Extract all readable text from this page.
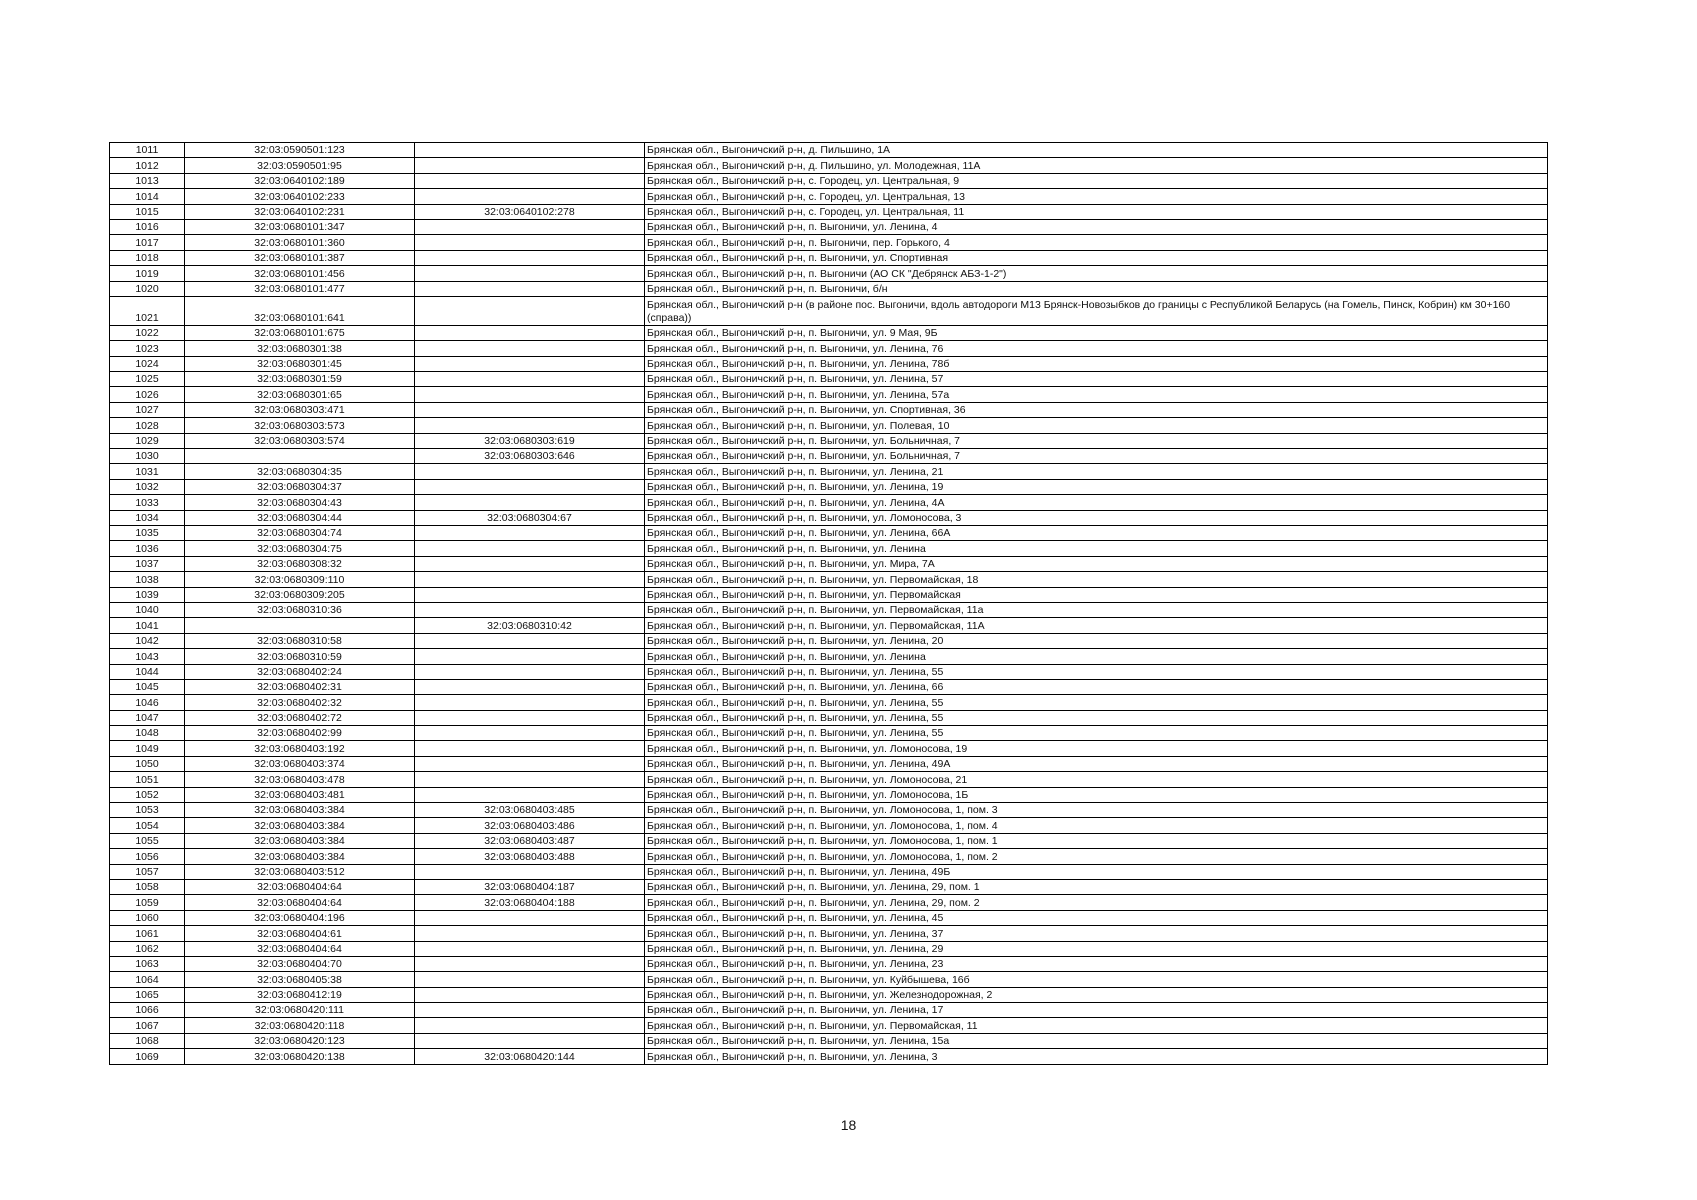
1011	32:03:0590501:123		Брянская обл., Выгоничский р-н, д. Пильшино, 1А
1012	32:03:0590501:95		Брянская обл., Выгоничский р-н, д. Пильшино, ул. Молодежная, 11А
1013	32:03:0640102:189		Брянская обл., Выгоничский р-н, с. Городец, ул. Центральная, 9
1014	32:03:0640102:233		Брянская обл., Выгоничский р-н, с. Городец, ул. Центральная, 13
1015	32:03:0640102:231	32:03:0640102:278	Брянская обл., Выгоничский р-н, с. Городец, ул. Центральная, 11
1016	32:03:0680101:347		Брянская обл., Выгоничский р-н, п. Выгоничи, ул. Ленина, 4
1017	32:03:0680101:360		Брянская обл., Выгоничский р-н, п. Выгоничи, пер. Горького, 4
1018	32:03:0680101:387		Брянская обл., Выгоничский р-н, п. Выгоничи, ул. Спортивная
1019	32:03:0680101:456		Брянская обл., Выгоничский р-н, п. Выгоничи (АО СК "Дебрянск АБЗ-1-2")
1020	32:03:0680101:477		Брянская обл., Выгоничский р-н, п. Выгоничи, б/н
1021	32:03:0680101:641		Брянская обл., Выгоничский р-н (в районе пос. Выгоничи, вдоль автодороги М13 Брянск-Новозыбков до границы с Республикой Беларусь (на Гомель, Пинск, Кобрин) км 30+160 (справа))
1022	32:03:0680101:675		Брянская обл., Выгоничский р-н, п. Выгоничи, ул. 9 Мая, 9Б
1023	32:03:0680301:38		Брянская обл., Выгоничский р-н, п. Выгоничи, ул. Ленина, 76
1024	32:03:0680301:45		Брянская обл., Выгоничский р-н, п. Выгоничи, ул. Ленина, 78б
1025	32:03:0680301:59		Брянская обл., Выгоничский р-н, п. Выгоничи, ул. Ленина, 57
1026	32:03:0680301:65		Брянская обл., Выгоничский р-н, п. Выгоничи, ул. Ленина, 57а
1027	32:03:0680303:471		Брянская обл., Выгоничский р-н, п. Выгоничи, ул. Спортивная, 36
1028	32:03:0680303:573		Брянская обл., Выгоничский р-н, п. Выгоничи, ул. Полевая, 10
1029	32:03:0680303:574	32:03:0680303:619	Брянская обл., Выгоничский р-н, п. Выгоничи, ул. Больничная, 7
1030		32:03:0680303:646	Брянская обл., Выгоничский р-н, п. Выгоничи, ул. Больничная, 7
1031	32:03:0680304:35		Брянская обл., Выгоничский р-н, п. Выгоничи, ул. Ленина, 21
1032	32:03:0680304:37		Брянская обл., Выгоничский р-н, п. Выгоничи, ул. Ленина, 19
1033	32:03:0680304:43		Брянская обл., Выгоничский р-н, п. Выгоничи, ул. Ленина, 4А
1034	32:03:0680304:44	32:03:0680304:67	Брянская обл., Выгоничский р-н, п. Выгоничи, ул. Ломоносова, 3
1035	32:03:0680304:74		Брянская обл., Выгоничский р-н, п. Выгоничи, ул. Ленина, 66А
1036	32:03:0680304:75		Брянская обл., Выгоничский р-н, п. Выгоничи, ул. Ленина
1037	32:03:0680308:32		Брянская обл., Выгоничский р-н, п. Выгоничи, ул. Мира, 7А
1038	32:03:0680309:110		Брянская обл., Выгоничский р-н, п. Выгоничи, ул. Первомайская, 18
1039	32:03:0680309:205		Брянская обл., Выгоничский р-н, п. Выгоничи, ул. Первомайская
1040	32:03:0680310:36		Брянская обл., Выгоничский р-н, п. Выгоничи, ул. Первомайская, 11а
1041		32:03:0680310:42	Брянская обл., Выгоничский р-н, п. Выгоничи, ул. Первомайская, 11А
1042	32:03:0680310:58		Брянская обл., Выгоничский р-н, п. Выгоничи, ул. Ленина, 20
1043	32:03:0680310:59		Брянская обл., Выгоничский р-н, п. Выгоничи, ул. Ленина
1044	32:03:0680402:24		Брянская обл., Выгоничский р-н, п. Выгоничи, ул. Ленина, 55
1045	32:03:0680402:31		Брянская обл., Выгоничский р-н, п. Выгоничи, ул. Ленина, 66
1046	32:03:0680402:32		Брянская обл., Выгоничский р-н, п. Выгоничи, ул. Ленина, 55
1047	32:03:0680402:72		Брянская обл., Выгоничский р-н, п. Выгоничи, ул. Ленина, 55
1048	32:03:0680402:99		Брянская обл., Выгоничский р-н, п. Выгоничи, ул. Ленина, 55
1049	32:03:0680403:192		Брянская обл., Выгоничский р-н, п. Выгоничи, ул. Ломоносова, 19
1050	32:03:0680403:374		Брянская обл., Выгоничский р-н, п. Выгоничи, ул. Ленина, 49А
1051	32:03:0680403:478		Брянская обл., Выгоничский р-н, п. Выгоничи, ул. Ломоносова, 21
1052	32:03:0680403:481		Брянская обл., Выгоничский р-н, п. Выгоничи, ул. Ломоносова, 1Б
1053	32:03:0680403:384	32:03:0680403:485	Брянская обл., Выгоничский р-н, п. Выгоничи, ул. Ломоносова, 1, пом. 3
1054	32:03:0680403:384	32:03:0680403:486	Брянская обл., Выгоничский р-н, п. Выгоничи, ул. Ломоносова, 1, пом. 4
1055	32:03:0680403:384	32:03:0680403:487	Брянская обл., Выгоничский р-н, п. Выгоничи, ул. Ломоносова, 1, пом. 1
1056	32:03:0680403:384	32:03:0680403:488	Брянская обл., Выгоничский р-н, п. Выгоничи, ул. Ломоносова, 1, пом. 2
1057	32:03:0680403:512		Брянская обл., Выгоничский р-н, п. Выгоничи, ул. Ленина, 49Б
1058	32:03:0680404:64	32:03:0680404:187	Брянская обл., Выгоничский р-н, п. Выгоничи, ул. Ленина, 29, пом. 1
1059	32:03:0680404:64	32:03:0680404:188	Брянская обл., Выгоничский р-н, п. Выгоничи, ул. Ленина, 29, пом. 2
1060	32:03:0680404:196		Брянская обл., Выгоничский р-н, п. Выгоничи, ул. Ленина, 45
1061	32:03:0680404:61		Брянская обл., Выгоничский р-н, п. Выгоничи, ул. Ленина, 37
1062	32:03:0680404:64		Брянская обл., Выгоничский р-н, п. Выгоничи, ул. Ленина, 29
1063	32:03:0680404:70		Брянская обл., Выгоничский р-н, п. Выгоничи, ул. Ленина, 23
1064	32:03:0680405:38		Брянская обл., Выгоничский р-н, п. Выгоничи, ул. Куйбышева, 16б
1065	32:03:0680412:19		Брянская обл., Выгоничский р-н, п. Выгоничи, ул. Железнодорожная, 2
1066	32:03:0680420:111		Брянская обл., Выгоничский р-н, п. Выгоничи, ул. Ленина, 17
1067	32:03:0680420:118		Брянская обл., Выгоничский р-н, п. Выгоничи, ул. Первомайская, 11
1068	32:03:0680420:123		Брянская обл., Выгоничский р-н, п. Выгоничи, ул. Ленина, 15а
1069	32:03:0680420:138	32:03:0680420:144	Брянская обл., Выгоничский р-н, п. Выгоничи, ул. Ленина, 3
18
